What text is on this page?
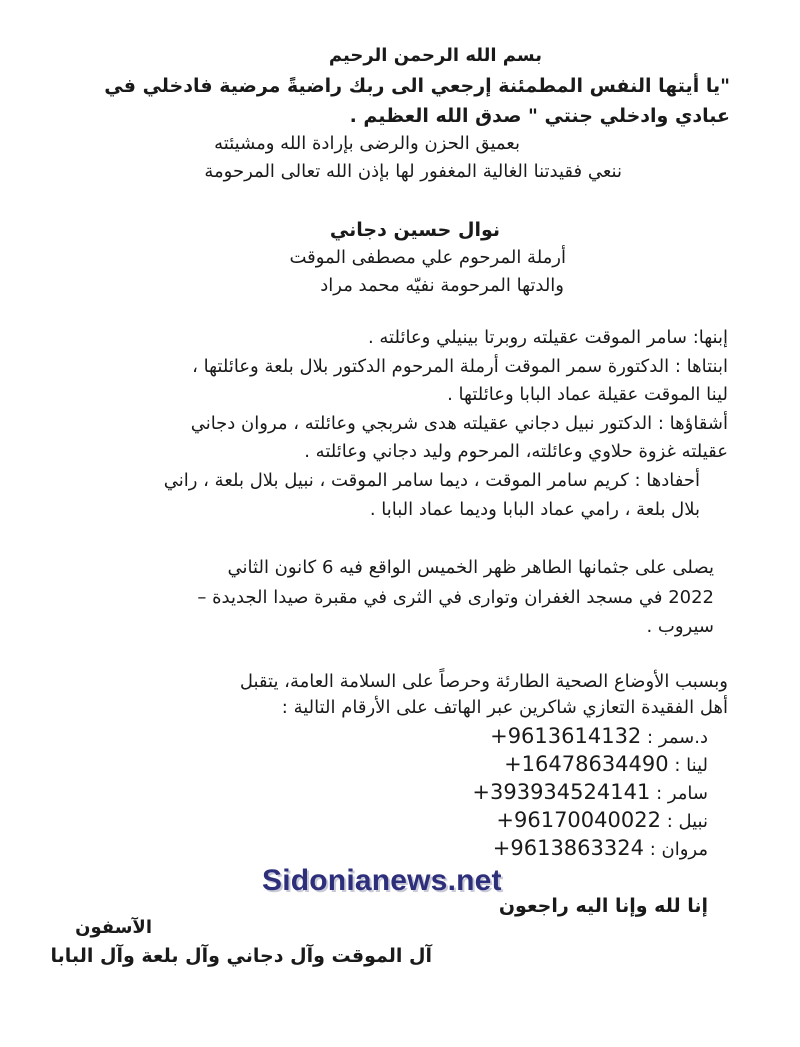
بسم الله الرحمن الرحيم
"يا أيتها النفس المطمئنة إرجعي الى ربك راضيةً مرضية فادخلي في
عبادي وادخلي جنتي " صدق الله العظيم .
بعميق الحزن والرضى بإرادة الله ومشيئته
ننعي فقيدتنا الغالية المغفور لها بإذن الله تعالى المرحومة
نوال حسين دجاني
أرملة المرحوم علي مصطفى الموقت
والدتها المرحومة نفيّه محمد مراد
إبنها: سامر الموقت عقيلته روبرتا بينيلي وعائلته .
ابنتاها : الدكتورة سمر الموقت أرملة المرحوم الدكتور بلال بلعة وعائلتها ،
لينا الموقت عقيلة عماد البابا وعائلتها .
أشقاؤها : الدكتور نبيل دجاني عقيلته هدى شربجي وعائلته ، مروان دجاني
عقيلته غزوة حلاوي وعائلته، المرحوم وليد دجاني وعائلته .
أحفادها : كريم سامر الموقت ، ديما سامر الموقت ، نبيل بلال بلعة ، راني
بلال بلعة ، رامي عماد البابا وديما عماد البابا .
يصلى على جثمانها الطاهر ظهر الخميس الواقع فيه 6 كانون الثاني
2022 في مسجد الغفران وتوارى في الثرى في مقبرة صيدا الجديدة –
سيروب .
وبسبب الأوضاع الصحية الطارئة وحرصاً على السلامة العامة، يتقبل
أهل الفقيدة التعازي شاكرين عبر الهاتف على الأرقام التالية :
د.سمر : +9613614132
لينا : +16478634490
سامر : +393934524141
نبيل : +96170040022
مروان : +9613863324
Sidonianews.net
إنا لله وإنا اليه راجعون
الآسفون
آل الموقت وآل دجاني وآل بلعة وآل البابا
